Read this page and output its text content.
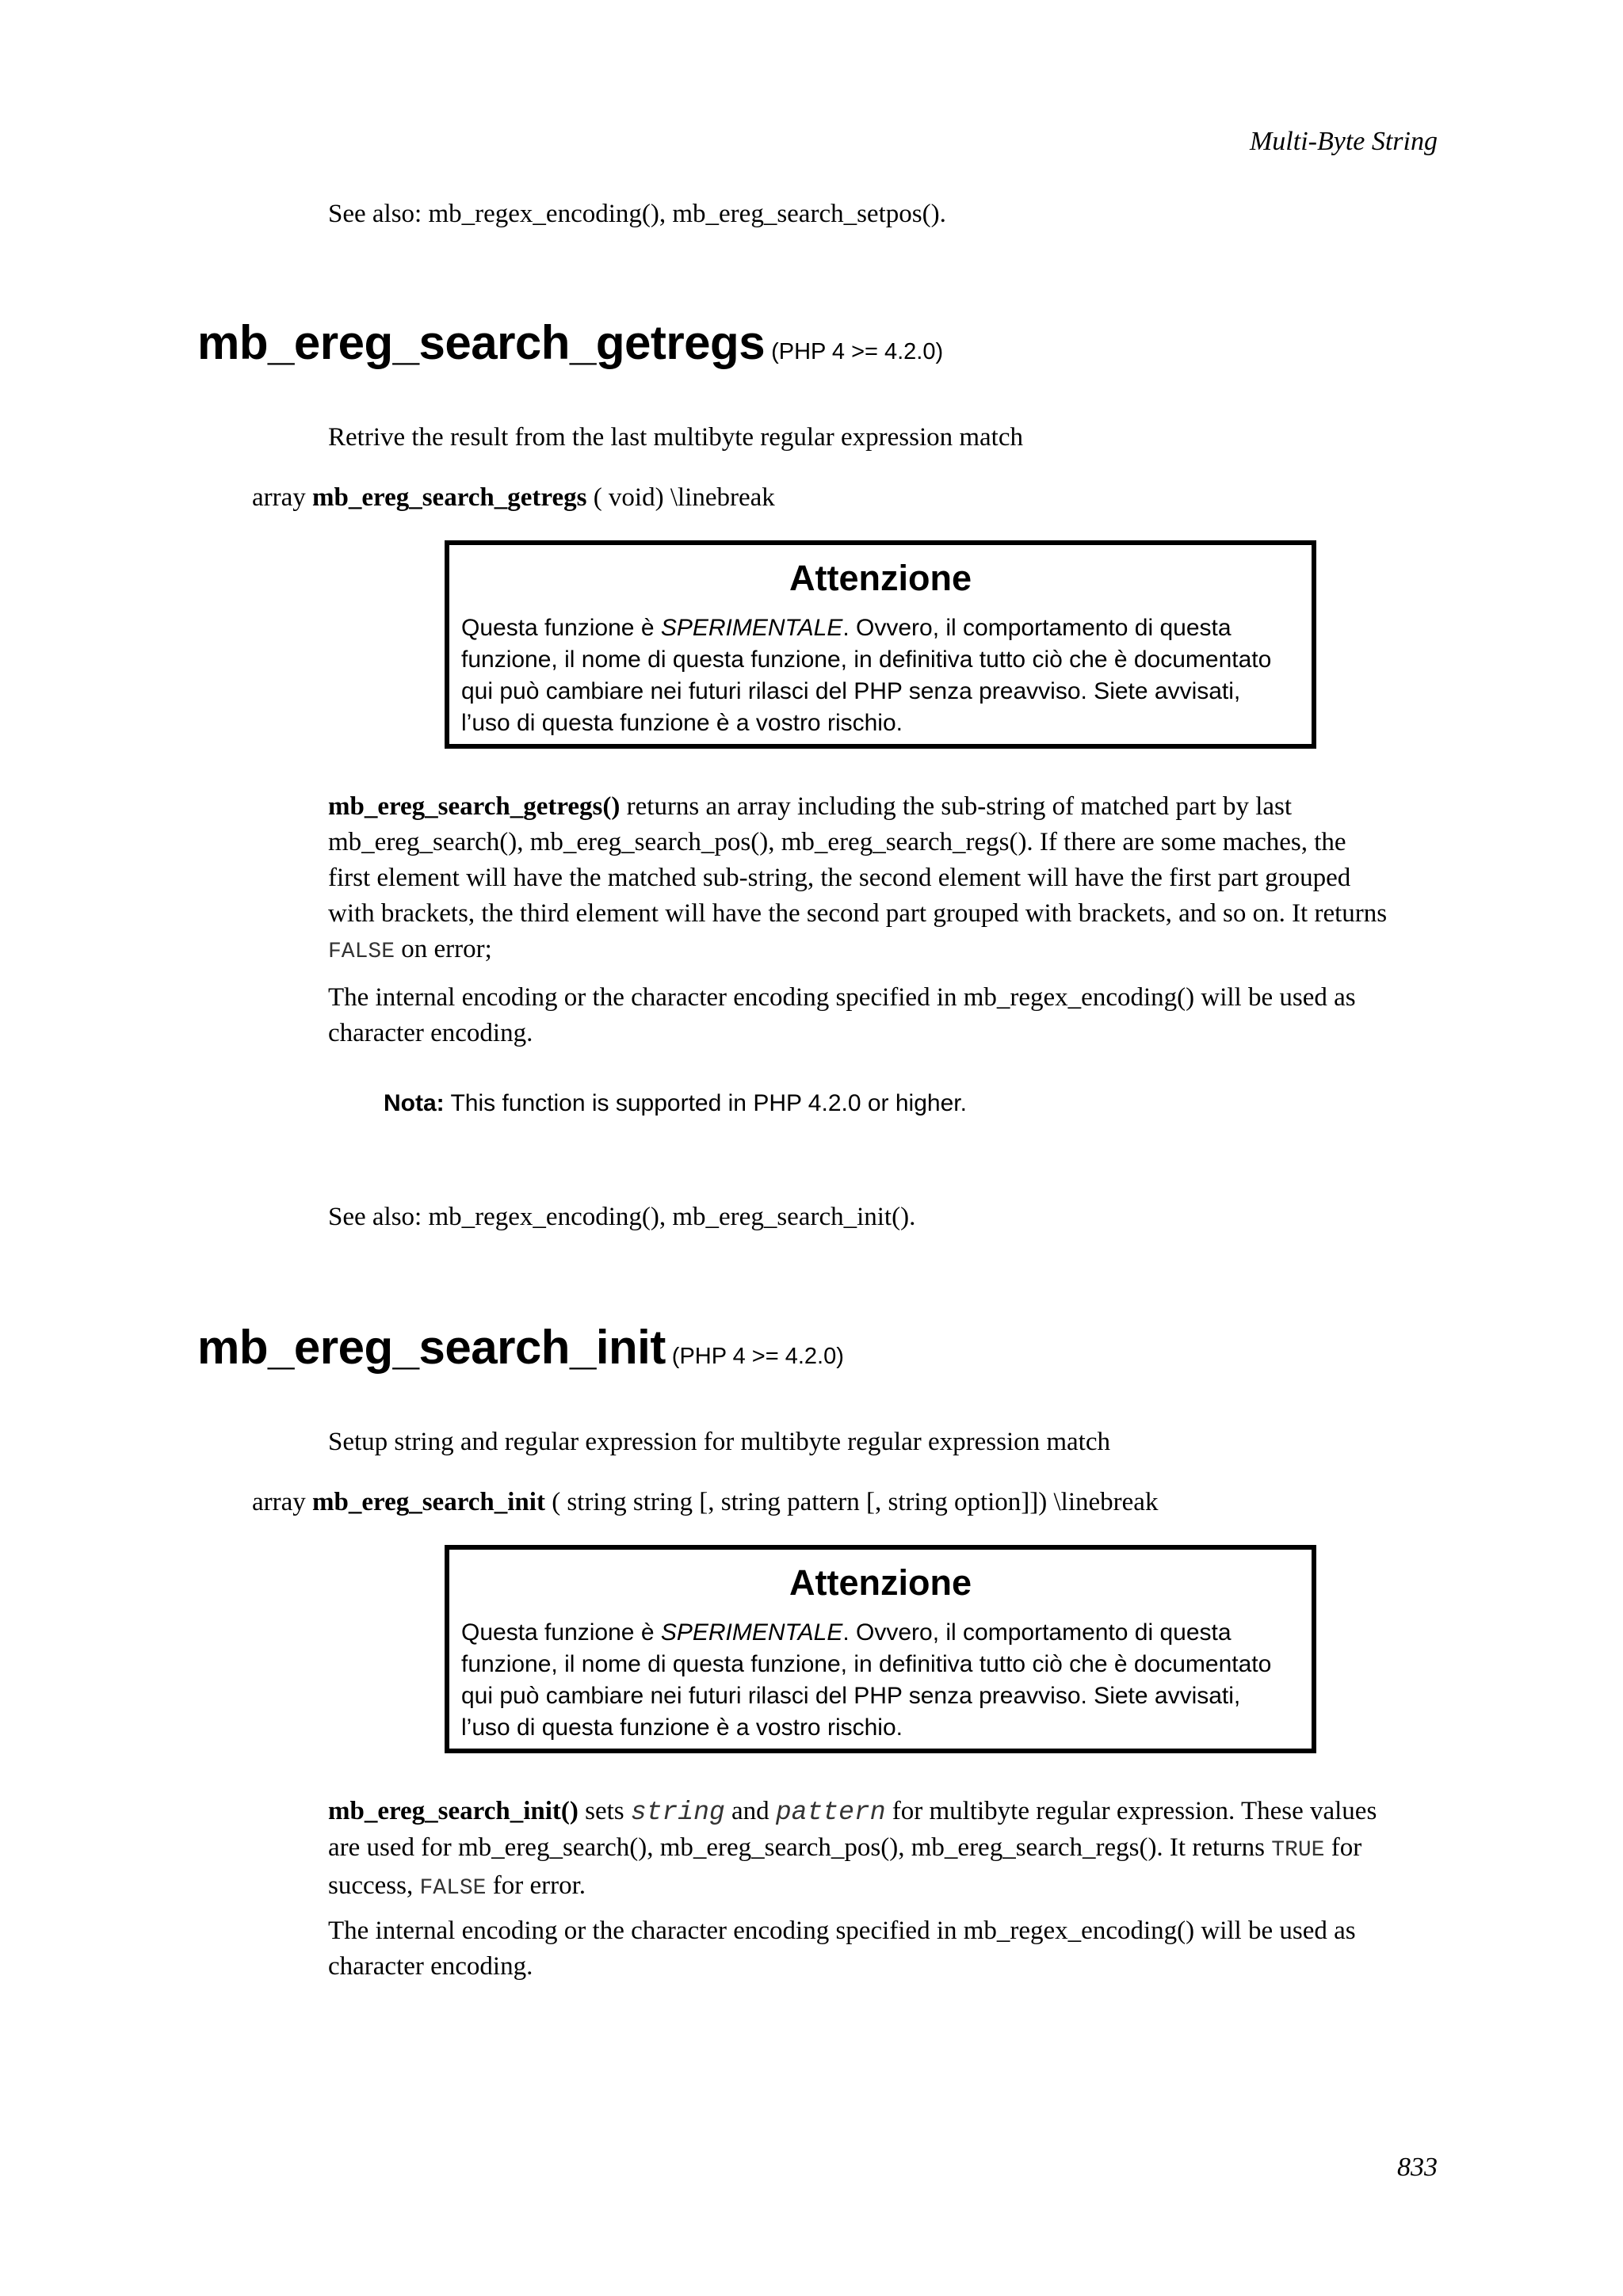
Multi-Byte String
See also: mb_regex_encoding(), mb_ereg_search_setpos().
mb_ereg_search_getregs (PHP 4 >= 4.2.0)
Retrive the result from the last multibyte regular expression match
array mb_ereg_search_getregs ( void) \linebreak
Attenzione
Questa funzione è SPERIMENTALE. Ovvero, il comportamento di questa
funzione, il nome di questa funzione, in definitiva tutto ciò che è documentato
qui può cambiare nei futuri rilasci del PHP senza preavviso. Siete avvisati,
l’uso di questa funzione è a vostro rischio.
mb_ereg_search_getregs() returns an array including the sub-string of matched part by last
mb_ereg_search(), mb_ereg_search_pos(), mb_ereg_search_regs(). If there are some maches, the
first element will have the matched sub-string, the second element will have the first part grouped
with brackets, the third element will have the second part grouped with brackets, and so on. It returns
FALSE on error;
The internal encoding or the character encoding specified in mb_regex_encoding() will be used as
character encoding.
Nota: This function is supported in PHP 4.2.0 or higher.
See also: mb_regex_encoding(), mb_ereg_search_init().
mb_ereg_search_init (PHP 4 >= 4.2.0)
Setup string and regular expression for multibyte regular expression match
array mb_ereg_search_init ( string string [, string pattern [, string option]]) \linebreak
Attenzione
Questa funzione è SPERIMENTALE. Ovvero, il comportamento di questa
funzione, il nome di questa funzione, in definitiva tutto ciò che è documentato
qui può cambiare nei futuri rilasci del PHP senza preavviso. Siete avvisati,
l’uso di questa funzione è a vostro rischio.
mb_ereg_search_init() sets string and pattern for multibyte regular expression. These values
are used for mb_ereg_search(), mb_ereg_search_pos(), mb_ereg_search_regs(). It returns TRUE for
success, FALSE for error.
The internal encoding or the character encoding specified in mb_regex_encoding() will be used as
character encoding.
833
